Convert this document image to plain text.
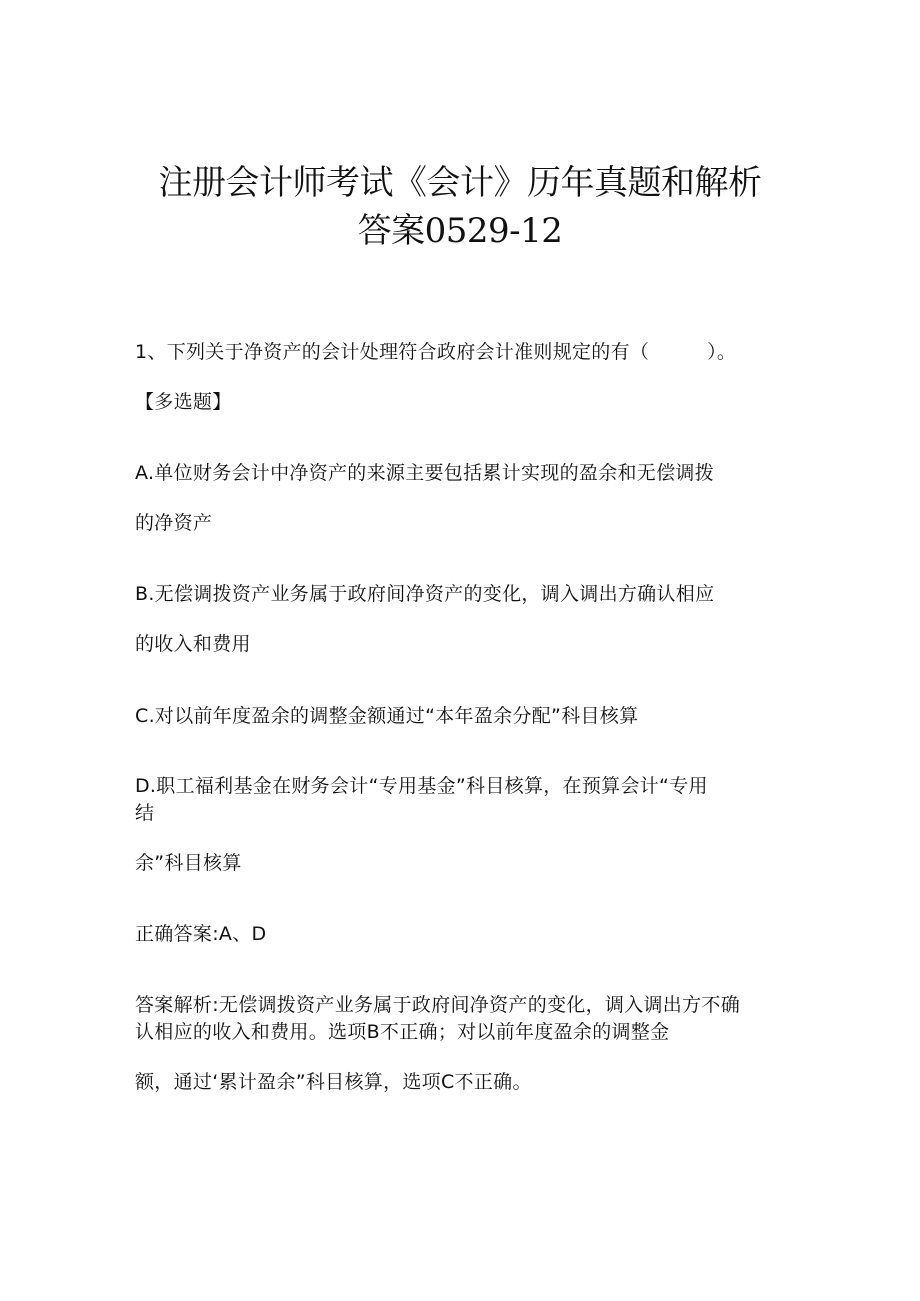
注册会计师考试《会计》历年真题和解析
答案0529-12
1、下列关于净资产的会计处理符合政府会计准则规定的有（　　　）。
【多选题】
A.单位财务会计中净资产的来源主要包括累计实现的盈余和无偿调拨
的净资产
B.无偿调拨资产业务属于政府间净资产的变化，调入调出方确认相应
的收入和费用
C.对以前年度盈余的调整金额通过“本年盈余分配”科目核算
D.职工福利基金在财务会计“专用基金”科目核算，在预算会计“专用
结
余”科目核算
正确答案:A、D
答案解析:无偿调拨资产业务属于政府间净资产的变化，调入调出方不确
认相应的收入和费用。选项B不正确；对以前年度盈余的调整金
额，通过‘累计盈余”科目核算，选项C不正确。
